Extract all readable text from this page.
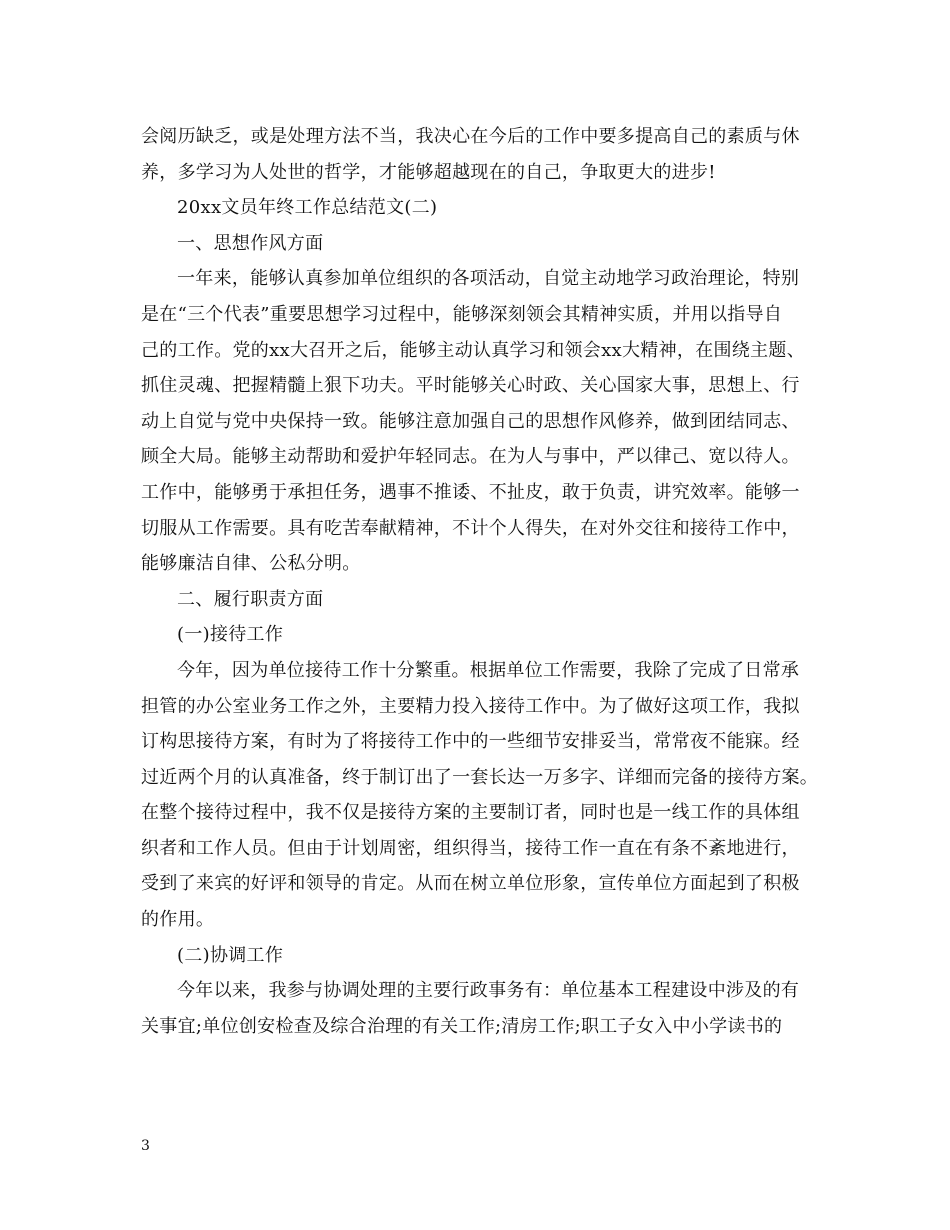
会阅历缺乏，或是处理方法不当，我决心在今后的工作中要多提高自己的素质与休
养，多学习为人处世的哲学，才能够超越现在的自己，争取更大的进步!
20xx文员年终工作总结范文(二)
一、思想作风方面
一年来，能够认真参加单位组织的各项活动，自觉主动地学习政治理论，特别
是在“三个代表”重要思想学习过程中，能够深刻领会其精神实质，并用以指导自
己的工作。党的xx大召开之后，能够主动认真学习和领会xx大精神，在围绕主题、
抓住灵魂、把握精髓上狠下功夫。平时能够关心时政、关心国家大事，思想上、行
动上自觉与党中央保持一致。能够注意加强自己的思想作风修养，做到团结同志、
顾全大局。能够主动帮助和爱护年轻同志。在为人与事中，严以律己、宽以待人。
工作中，能够勇于承担任务，遇事不推诿、不扯皮，敢于负责，讲究效率。能够一
切服从工作需要。具有吃苦奉献精神，不计个人得失，在对外交往和接待工作中，
能够廉洁自律、公私分明。
二、履行职责方面
(一)接待工作
今年，因为单位接待工作十分繁重。根据单位工作需要，我除了完成了日常承
担管的办公室业务工作之外，主要精力投入接待工作中。为了做好这项工作，我拟
订构思接待方案，有时为了将接待工作中的一些细节安排妥当，常常夜不能寐。经
过近两个月的认真准备，终于制订出了一套长达一万多字、详细而完备的接待方案。
在整个接待过程中，我不仅是接待方案的主要制订者，同时也是一线工作的具体组
织者和工作人员。但由于计划周密，组织得当，接待工作一直在有条不紊地进行，
受到了来宾的好评和领导的肯定。从而在树立单位形象，宣传单位方面起到了积极
的作用。
(二)协调工作
今年以来，我参与协调处理的主要行政事务有：单位基本工程建设中涉及的有
关事宜;单位创安检查及综合治理的有关工作;清房工作;职工子女入中小学读书的
3
